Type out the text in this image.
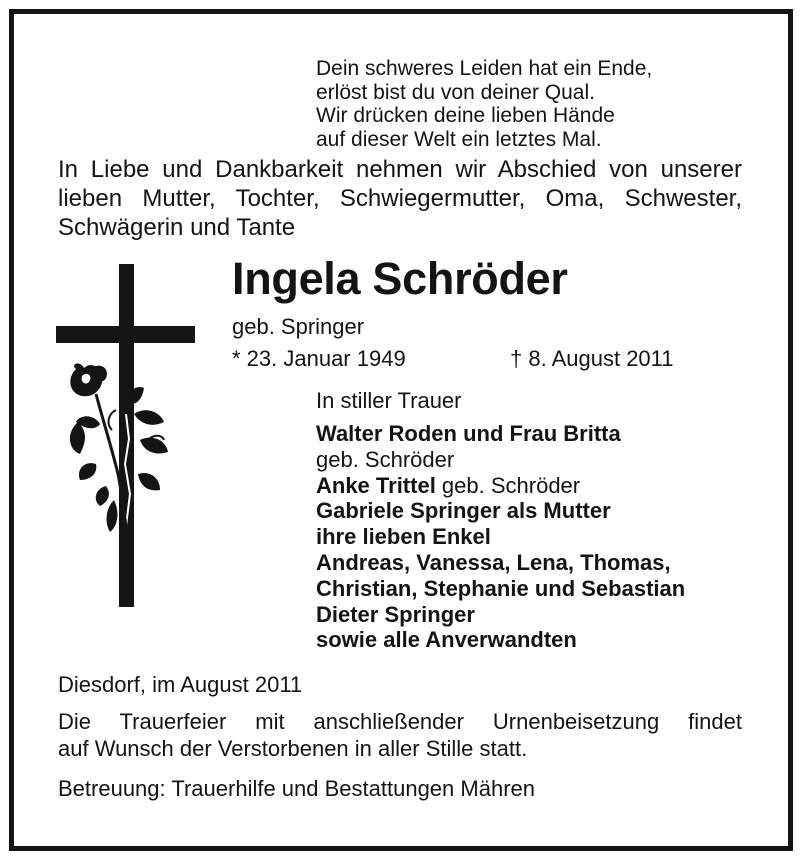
Dein schweres Leiden hat ein Ende,
erlöst bist du von deiner Qual.
Wir drücken deine lieben Hände
auf dieser Welt ein letztes Mal.
In Liebe und Dankbarkeit nehmen wir Abschied von unserer
lieben Mutter, Tochter, Schwiegermutter, Oma, Schwester,
Schwägerin und Tante
Ingela Schröder
geb. Springer
* 23. Januar 1949	† 8. August 2011
In stiller Trauer
Walter Roden und Frau Britta
geb. Schröder
Anke Trittel geb. Schröder
Gabriele Springer als Mutter
ihre lieben Enkel
Andreas, Vanessa, Lena, Thomas,
Christian, Stephanie und Sebastian
Dieter Springer
sowie alle Anverwandten
Diesdorf, im August 2011
Die Trauerfeier mit anschließender Urnenbeisetzung findet
auf Wunsch der Verstorbenen in aller Stille statt.
Betreuung: Trauerhilfe und Bestattungen Mähren
